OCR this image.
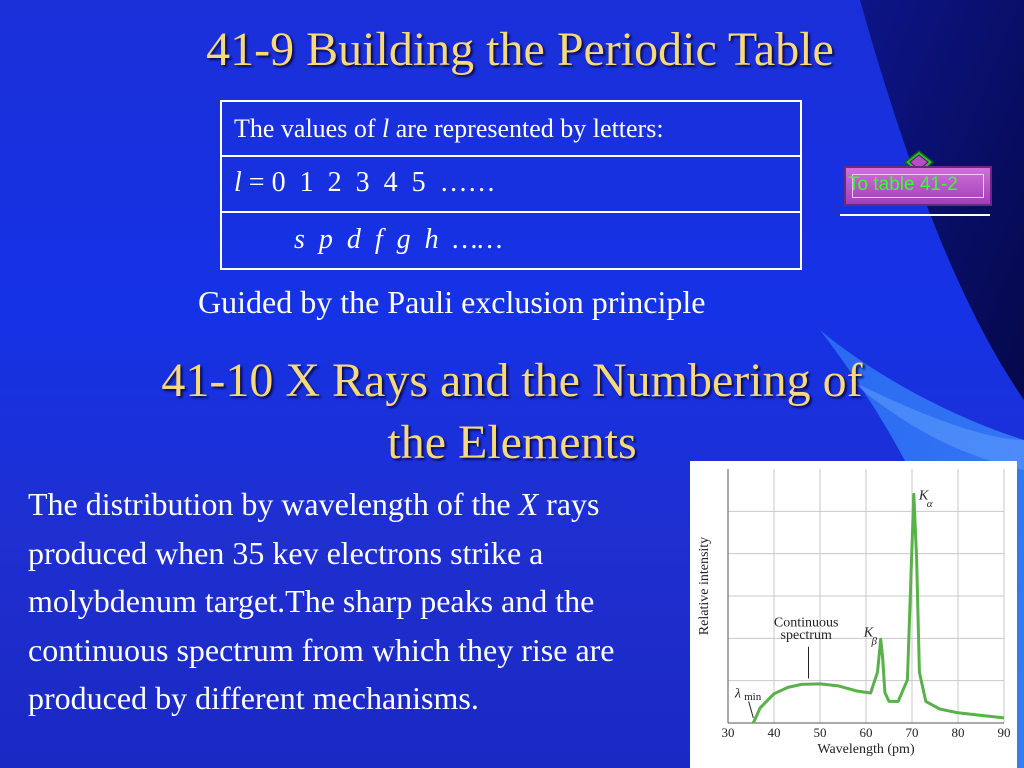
41-9 Building the Periodic Table
The values of l are represented by letters:
l = 0  1  2  3  4  5  ……
s  p  d  f  g  h  ……
To table 41-2
Guided by the Pauli exclusion principle
41-10 X Rays and the Numbering of
the Elements
The distribution by wavelength of the X rays produced when 35 kev electrons strike a molybdenum target.The sharp peaks and the continuous spectrum from which they rise are produced by different mechanisms.
30	40	50	60	70	80	90
Wavelength (pm)
Relative intensity	Continuous
spectrum
λ min
K
β
K
α
